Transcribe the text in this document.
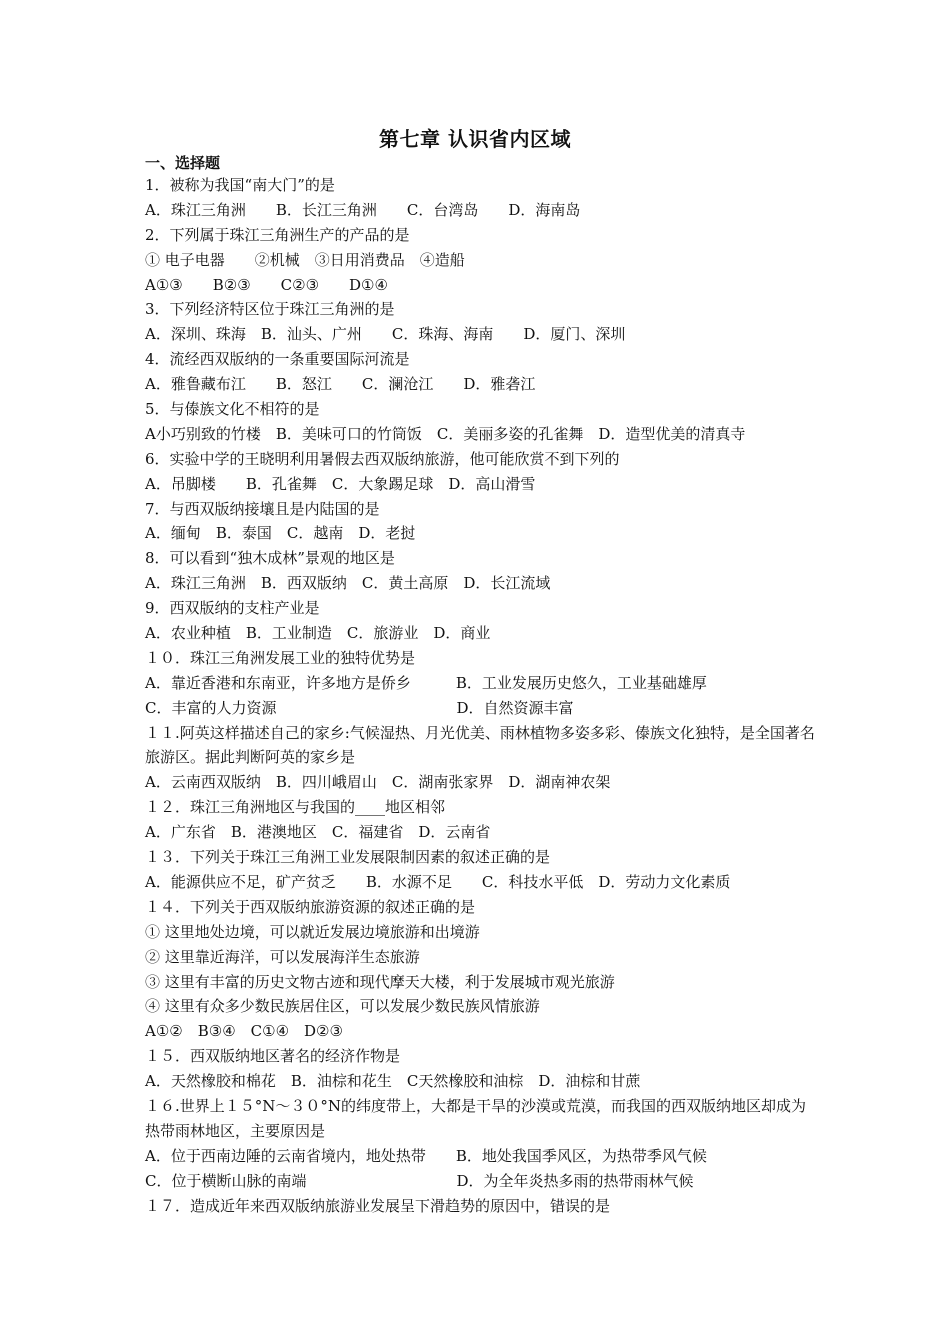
第七章 认识省内区域
一、选择题
1．被称为我国“南大门”的是
A．珠江三角洲　　B．长江三角洲　　C．台湾岛　　D．海南岛
2．下列属于珠江三角洲生产的产品的是
① 电子电器　　②机械　③日用消费品　④造船
A①③　　B②③　　C②③　　D①④
3．下列经济特区位于珠江三角洲的是
A．深圳、珠海　B．汕头、广州　　C．珠海、海南　　D．厦门、深圳
4．流经西双版纳的一条重要国际河流是
A．雅鲁藏布江　　B．怒江　　C．澜沧江　　D．雅砻江
5．与傣族文化不相符的是
A小巧别致的竹楼　B．美味可口的竹筒饭　C．美丽多姿的孔雀舞　D．造型优美的清真寺
6．实验中学的王晓明利用暑假去西双版纳旅游，他可能欣赏不到下列的
A．吊脚楼　　B．孔雀舞　C．大象踢足球　D．高山滑雪
7．与西双版纳接壤且是内陆国的是
A．缅甸　B．泰国　C．越南　D．老挝
8．可以看到“独木成林”景观的地区是
A．珠江三角洲　B．西双版纳　C．黄土高原　D．长江流域
9．西双版纳的支柱产业是
A．农业种植　B．工业制造　C．旅游业　D．商业
１０．珠江三角洲发展工业的独特优势是
A．靠近香港和东南亚，许多地方是侨乡　　　B．工业发展历史悠久，工业基础雄厚
C．丰富的人力资源　　　　　　　　　　　　D．自然资源丰富
１１.阿英这样描述自己的家乡:气候湿热、月光优美、雨林植物多姿多彩、傣族文化独特，是全国著名
旅游区。据此判断阿英的家乡是
A．云南西双版纳　B．四川峨眉山　C．湖南张家界　D．湖南神农架
１２．珠江三角洲地区与我国的____地区相邻
A．广东省　B．港澳地区　C．福建省　D．云南省
１３．下列关于珠江三角洲工业发展限制因素的叙述正确的是
A．能源供应不足，矿产贫乏　　B．水源不足　　C．科技水平低　D．劳动力文化素质
１４．下列关于西双版纳旅游资源的叙述正确的是
① 这里地处边境，可以就近发展边境旅游和出境游
② 这里靠近海洋，可以发展海洋生态旅游
③ 这里有丰富的历史文物古迹和现代摩天大楼，利于发展城市观光旅游
④ 这里有众多少数民族居住区，可以发展少数民族风情旅游
A①②　B③④　C①④　D②③
１５．西双版纳地区著名的经济作物是
A．天然橡胶和棉花　B．油棕和花生　C天然橡胶和油棕　D．油棕和甘蔗
１６.世界上１５°N～３０°N的纬度带上，大都是干旱的沙漠或荒漠，而我国的西双版纳地区却成为
热带雨林地区，主要原因是
A．位于西南边陲的云南省境内，地处热带　　B．地处我国季风区，为热带季风气候
C．位于横断山脉的南端　　　　　　　　　　D．为全年炎热多雨的热带雨林气候
１７．造成近年来西双版纳旅游业发展呈下滑趋势的原因中，错误的是
